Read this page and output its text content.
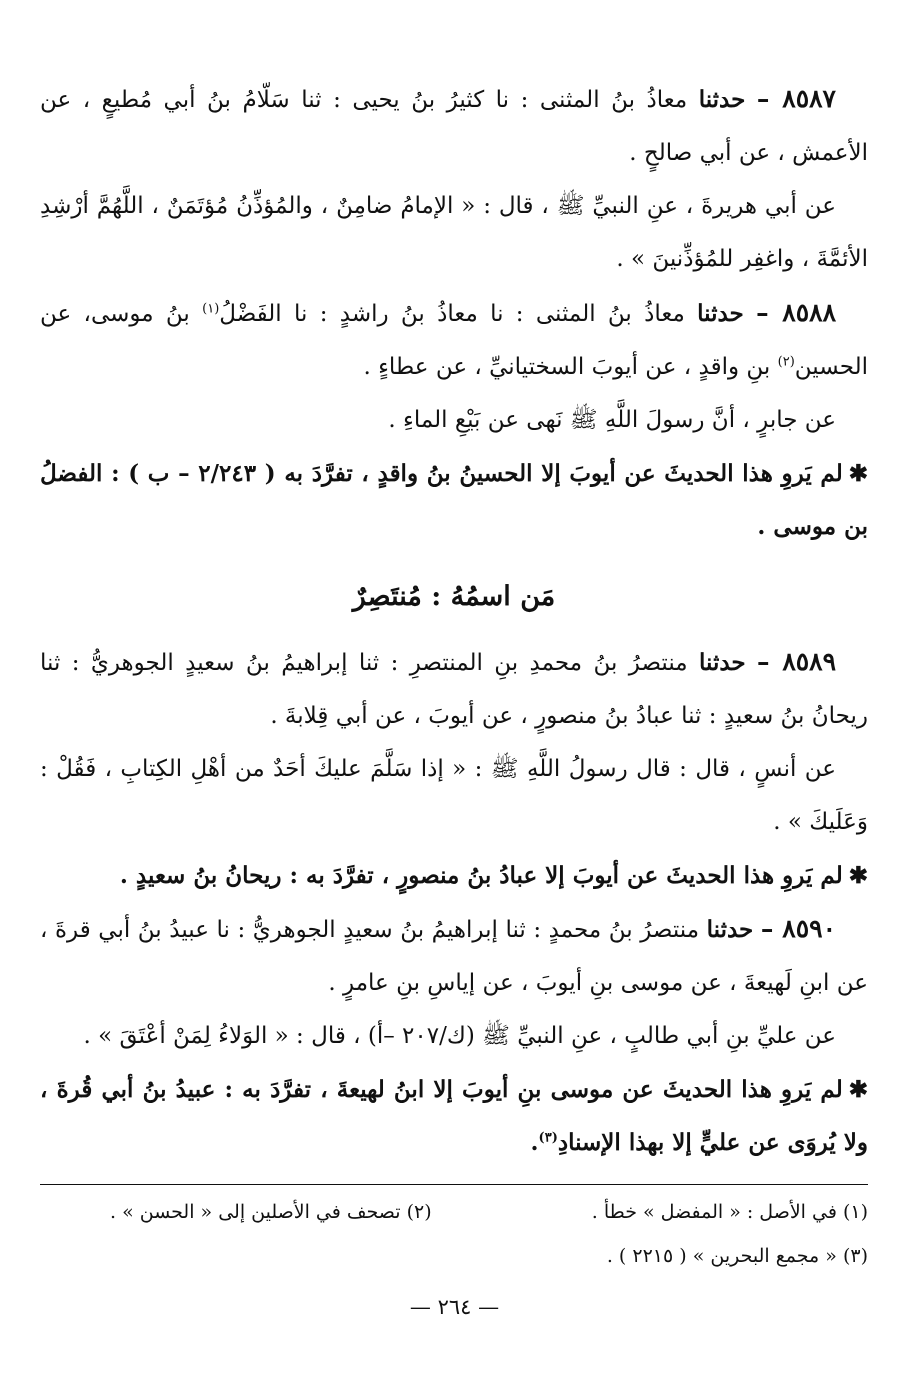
٨٥٨٧ – حدثنا معاذُ بنُ المثنى : نا كثيرُ بنُ يحيى : ثنا سَلّامُ بنُ أبي مُطيعٍ ، عن الأعمش ، عن أبي صالحٍ .

عن أبي هريرةَ ، عنِ النبيِّ ﷺ ، قال : « الإمامُ ضامِنٌ ، والمُؤذِّنُ مُؤتَمَنٌ ، اللَّهُمَّ أرْشِدِ الأئمَّةَ ، واغفِر للمُؤذِّنينَ » .

٨٥٨٨ – حدثنا معاذُ بنُ المثنى : نا معاذُ بنُ راشدٍ : نا الفَضْلُ$^{(١)}$ بنُ موسى، عن الحسين$^{(٢)}$ بنِ واقدٍ ، عن أيوبَ السختيانيِّ ، عن عطاءٍ .

عن جابرٍ ، أنَّ رسولَ اللَّهِ ﷺ نَهى عن بَيْعِ الماءِ .

✱لم يَروِ هذا الحديثَ عن أيوبَ إلا الحسينُ بنُ واقدٍ ، تفرَّدَ به ( ٢/٢٤٣ – ب ) : الفضلُ بن موسى .

مَن اسمُهُ : مُنتَصِرٌ

٨٥٨٩ – حدثنا منتصرُ بنُ محمدِ بنِ المنتصرِ : ثنا إبراهيمُ بنُ سعيدٍ الجوهريُّ : ثنا ريحانُ بنُ سعيدٍ : ثنا عبادُ بنُ منصورٍ ، عن أيوبَ ، عن أبي قِلابةَ .

عن أنسٍ ، قال : قال رسولُ اللَّهِ ﷺ : « إذا سَلَّمَ عليكَ أحَدٌ من أهْلِ الكِتابِ ، فَقُلْ : وَعَلَيكَ » .

✱لم يَروِ هذا الحديثَ عن أيوبَ إلا عبادُ بنُ منصورٍ ، تفرَّدَ به : ريحانُ بنُ سعيدٍ .

٨٥٩٠ – حدثنا منتصرُ بنُ محمدٍ : ثنا إبراهيمُ بنُ سعيدٍ الجوهريُّ : نا عبيدُ بنُ أبي قرةَ ، عن ابنِ لَهيعةَ ، عن موسى بنِ أيوبَ ، عن إياسِ بنِ عامرٍ .

عن عليِّ بنِ أبي طالبٍ ، عنِ النبيِّ ﷺ (ك/٢٠٧ –أ) ، قال : « الوَلاءُ لِمَنْ أعْتَقَ » .

✱لم يَروِ هذا الحديثَ عن موسى بنِ أيوبَ إلا ابنُ لهيعةَ ، تفرَّدَ به : عبيدُ بنُ أبي قُرةَ ، ولا يُروَى عن عليٍّ إلا بهذا الإسنادِ$^{(٣)}$.

(١) في الأصل : « المفضل » خطأ .
(٢) تصحف في الأصلين إلى « الحسن » .
(٣) « مجمع البحرين » ( ٢٢١٥ ) .
— ٢٦٤ —
